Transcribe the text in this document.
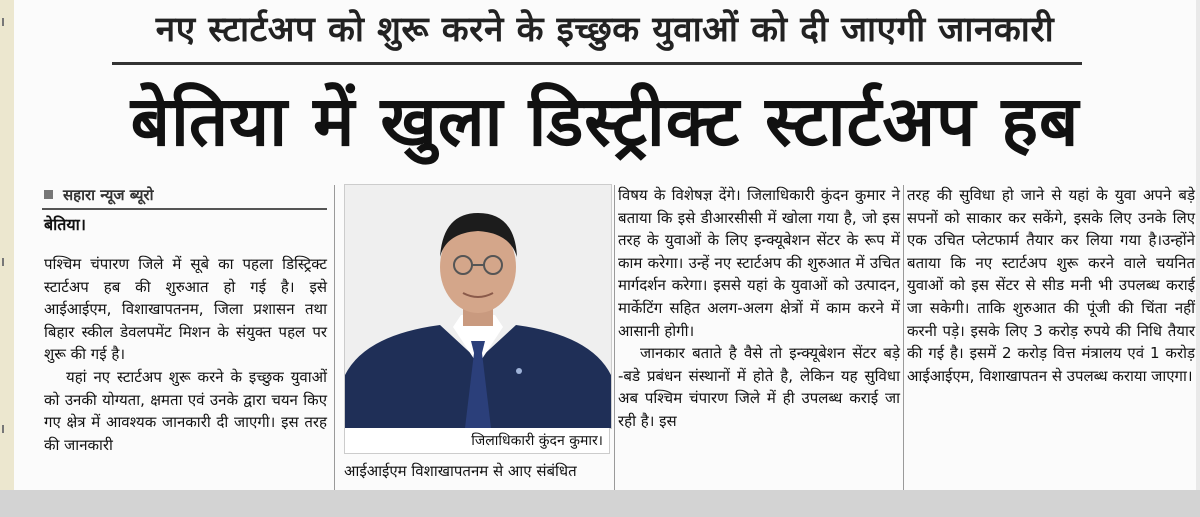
नए स्टार्टअप को शुरू करने के इच्छुक युवाओं को दी जाएगी जानकारी
बेतिया में खुला डिस्ट्रीक्ट स्टार्टअप हब
सहारा न्यूज ब्यूरो
बेतिया।

पश्चिम चंपारण जिले में सूबे का पहला डिस्ट्रिक्ट स्टार्टअप हब की शुरुआत हो गई है। इसे आईआईएम, विशाखापतनम, जिला प्रशासन तथा बिहार स्कील डेवलपमेंट मिशन के संयुक्त पहल पर शुरू की गई है।

यहां नए स्टार्टअप शुरू करने के इच्छुक युवाओं को उनकी योग्यता, क्षमता एवं उनके द्वारा चयन किए गए क्षेत्र में आवश्यक जानकारी दी जाएगी। इस तरह की जानकारी	जिलाधिकारी कुंदन कुमार।
आईआईएम विशाखापतनम से आए संबंधित

विषय के विशेषज्ञ देंगे। जिलाधिकारी कुंदन कुमार ने बताया कि इसे डीआरसीसी में खोला गया है, जो इस तरह के युवाओं के लिए इन्क्यूबेशन सेंटर के रूप में काम करेगा। उन्हें नए स्टार्टअप की शुरुआत में उचित मार्गदर्शन करेगा। इससे यहां के युवाओं को उत्पादन, मार्केटिंग सहित अलग-अलग क्षेत्रों में काम करने में आसानी होगी।

जानकार बताते है वैसे तो इन्क्यूबेशन सेंटर बड़े -बडे प्रबंधन संस्थानों में होते है, लेकिन यह सुविधा अब पश्चिम चंपारण जिले में ही उपलब्ध कराई जा रही है। इस

तरह की सुविधा हो जाने से यहां के युवा अपने बड़े सपनों को साकार कर सकेंगे, इसके लिए उनके लिए एक उचित प्लेटफार्म तैयार कर लिया गया है।उन्होंने बताया कि नए स्टार्टअप शुरू करने वाले चयनित युवाओं को इस सेंटर से सीड मनी भी उपलब्ध कराई जा सकेगी। ताकि शुरुआत की पूंजी की चिंता नहीं करनी पड़े। इसके लिए 3 करोड़ रुपये की निधि तैयार की गई है। इसमें 2 करोड़ वित्त मंत्रालय एवं 1 करोड़ आईआईएम, विशाखापतन से उपलब्ध कराया जाएगा।
